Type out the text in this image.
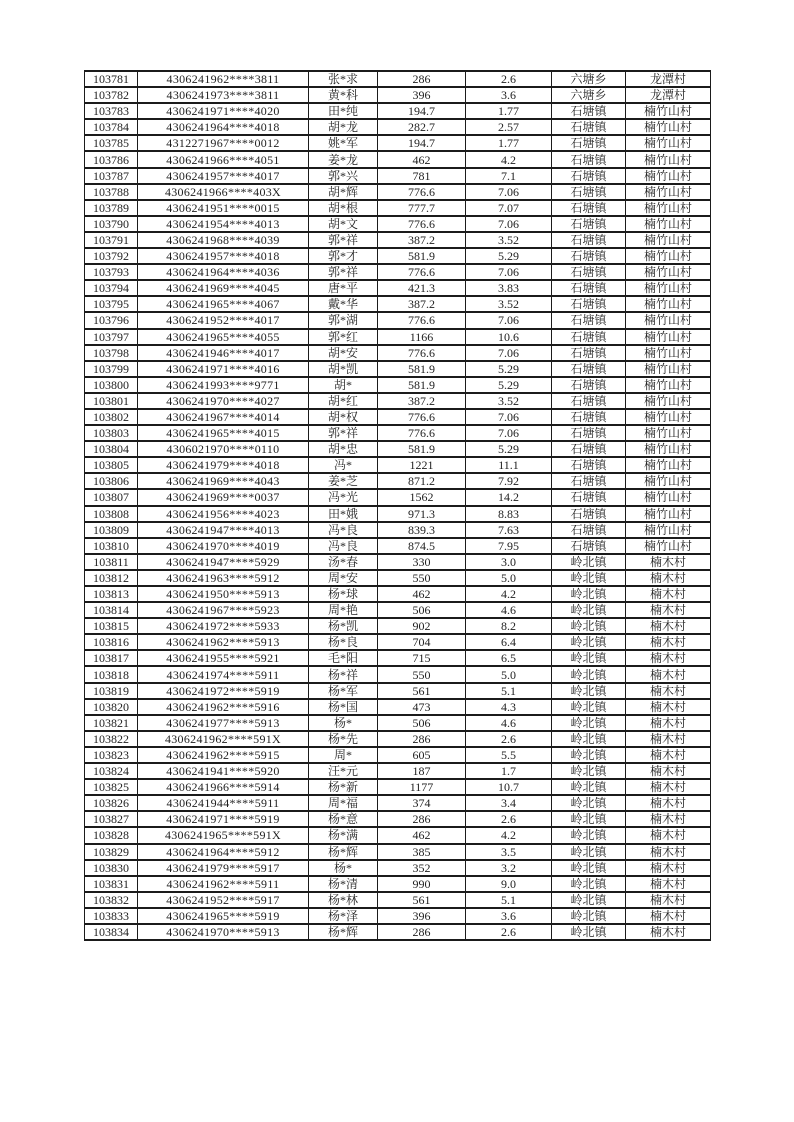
103781	4306241962****3811	张*求	286	2.6	六塘乡	龙潭村
103782	4306241973****3811	黄*科	396	3.6	六塘乡	龙潭村
103783	4306241971****4020	田*纯	194.7	1.77	石塘镇	楠竹山村
103784	4306241964****4018	胡*龙	282.7	2.57	石塘镇	楠竹山村
103785	4312271967****0012	姚*军	194.7	1.77	石塘镇	楠竹山村
103786	4306241966****4051	姜*龙	462	4.2	石塘镇	楠竹山村
103787	4306241957****4017	郭*兴	781	7.1	石塘镇	楠竹山村
103788	4306241966****403X	胡*辉	776.6	7.06	石塘镇	楠竹山村
103789	4306241951****0015	胡*根	777.7	7.07	石塘镇	楠竹山村
103790	4306241954****4013	胡*文	776.6	7.06	石塘镇	楠竹山村
103791	4306241968****4039	郭*祥	387.2	3.52	石塘镇	楠竹山村
103792	4306241957****4018	郭*才	581.9	5.29	石塘镇	楠竹山村
103793	4306241964****4036	郭*祥	776.6	7.06	石塘镇	楠竹山村
103794	4306241969****4045	唐*平	421.3	3.83	石塘镇	楠竹山村
103795	4306241965****4067	戴*华	387.2	3.52	石塘镇	楠竹山村
103796	4306241952****4017	郭*湖	776.6	7.06	石塘镇	楠竹山村
103797	4306241965****4055	郭*红	1166	10.6	石塘镇	楠竹山村
103798	4306241946****4017	胡*安	776.6	7.06	石塘镇	楠竹山村
103799	4306241971****4016	胡*凯	581.9	5.29	石塘镇	楠竹山村
103800	4306241993****9771	胡*	581.9	5.29	石塘镇	楠竹山村
103801	4306241970****4027	胡*红	387.2	3.52	石塘镇	楠竹山村
103802	4306241967****4014	胡*权	776.6	7.06	石塘镇	楠竹山村
103803	4306241965****4015	郭*祥	776.6	7.06	石塘镇	楠竹山村
103804	4306021970****0110	胡*忠	581.9	5.29	石塘镇	楠竹山村
103805	4306241979****4018	冯*	1221	11.1	石塘镇	楠竹山村
103806	4306241969****4043	姜*芝	871.2	7.92	石塘镇	楠竹山村
103807	4306241969****0037	冯*光	1562	14.2	石塘镇	楠竹山村
103808	4306241956****4023	田*娥	971.3	8.83	石塘镇	楠竹山村
103809	4306241947****4013	冯*良	839.3	7.63	石塘镇	楠竹山村
103810	4306241970****4019	冯*良	874.5	7.95	石塘镇	楠竹山村
103811	4306241947****5929	汤*春	330	3.0	岭北镇	楠木村
103812	4306241963****5912	周*安	550	5.0	岭北镇	楠木村
103813	4306241950****5913	杨*球	462	4.2	岭北镇	楠木村
103814	4306241967****5923	周*艳	506	4.6	岭北镇	楠木村
103815	4306241972****5933	杨*凯	902	8.2	岭北镇	楠木村
103816	4306241962****5913	杨*良	704	6.4	岭北镇	楠木村
103817	4306241955****5921	毛*阳	715	6.5	岭北镇	楠木村
103818	4306241974****5911	杨*祥	550	5.0	岭北镇	楠木村
103819	4306241972****5919	杨*军	561	5.1	岭北镇	楠木村
103820	4306241962****5916	杨*国	473	4.3	岭北镇	楠木村
103821	4306241977****5913	杨*	506	4.6	岭北镇	楠木村
103822	4306241962****591X	杨*先	286	2.6	岭北镇	楠木村
103823	4306241962****5915	周*	605	5.5	岭北镇	楠木村
103824	4306241941****5920	汪*元	187	1.7	岭北镇	楠木村
103825	4306241966****5914	杨*新	1177	10.7	岭北镇	楠木村
103826	4306241944****5911	周*福	374	3.4	岭北镇	楠木村
103827	4306241971****5919	杨*意	286	2.6	岭北镇	楠木村
103828	4306241965****591X	杨*满	462	4.2	岭北镇	楠木村
103829	4306241964****5912	杨*辉	385	3.5	岭北镇	楠木村
103830	4306241979****5917	杨*	352	3.2	岭北镇	楠木村
103831	4306241962****5911	杨*清	990	9.0	岭北镇	楠木村
103832	4306241952****5917	杨*林	561	5.1	岭北镇	楠木村
103833	4306241965****5919	杨*泽	396	3.6	岭北镇	楠木村
103834	4306241970****5913	杨*辉	286	2.6	岭北镇	楠木村
